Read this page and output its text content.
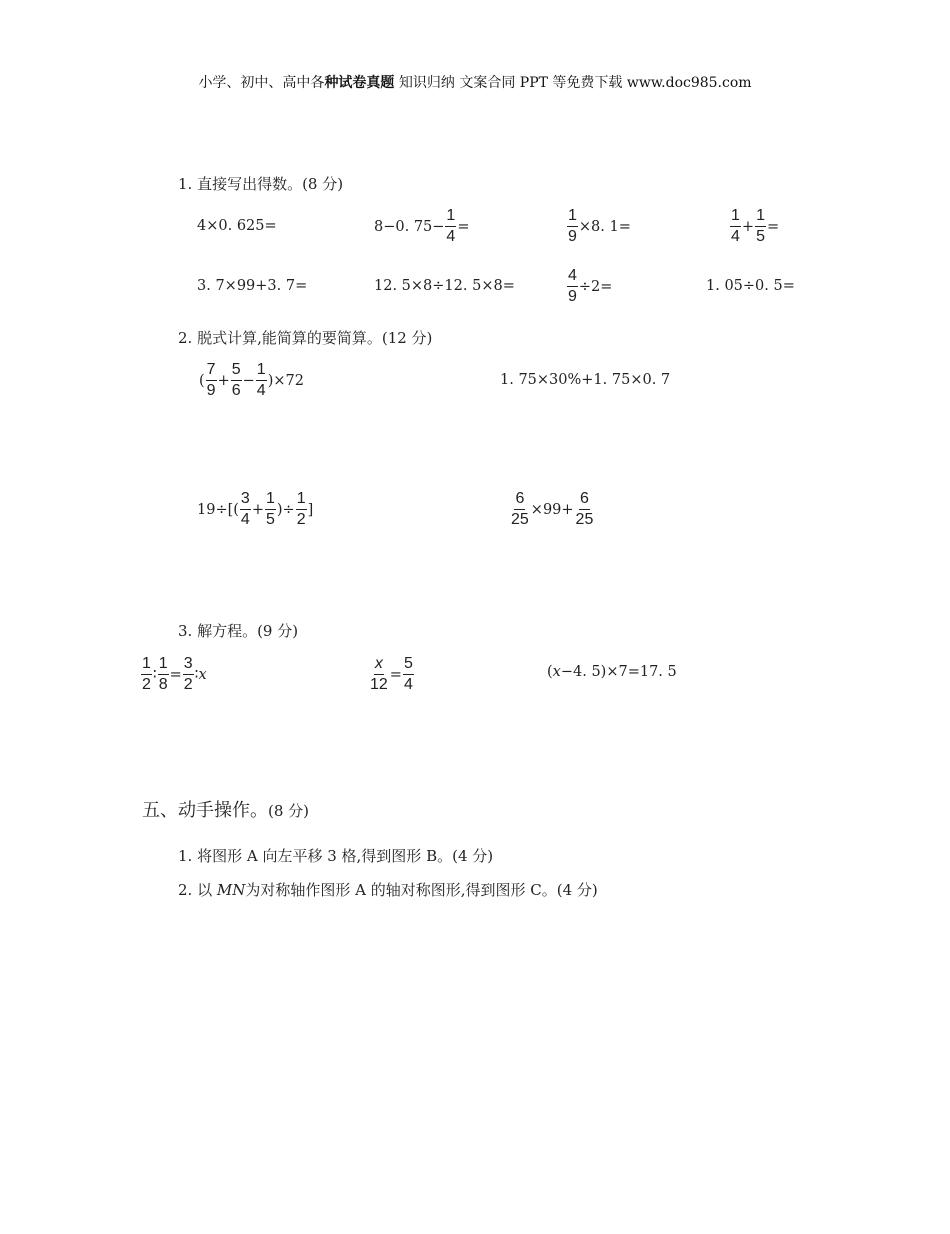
小学、初中、高中各种试卷真题 知识归纳 文案合同 PPT 等免费下载 www.doc985.com
1. 直接写出得数。(8 分)
4×0. 625=	8−0. $75- \frac{1}{4}$ =	$\frac{1}{9} \times 8$. 1=	$\frac{1}{4} + \frac{1}{5}$ =
3. 7×99+3. 7=	12. 5×8÷12. 5×8=	$\frac{4}{9} \div 2=$	1. 05÷0. 5=
2. 脱式计算,能简算的要简算。(12 分)
( $\frac{7}{9} + \frac{5}{6} - \frac{1}{4} )\times 72$	1. 75×30%+1. 75×0. 7
$19\div[( \frac{3}{4} + \frac{1}{5}$ )÷ $\frac{1}{2}$ ]	$\frac{6}{25} \times 99+ \frac{6}{25}$
3. 解方程。(9 分)
$\frac{1}{2}$ ∶ $\frac{1}{8} = \frac{3}{2}$ ∶ x	$\frac{x}{12} = \frac{5}{4}$	( x −4. 5)×7=17. 5
五、动手操作。(8 分)
1. 将图形 A 向左平移 3 格,得到图形 B。(4 分)
2. 以 MN为对称轴作图形 A 的轴对称图形,得到图形 C。(4 分)
